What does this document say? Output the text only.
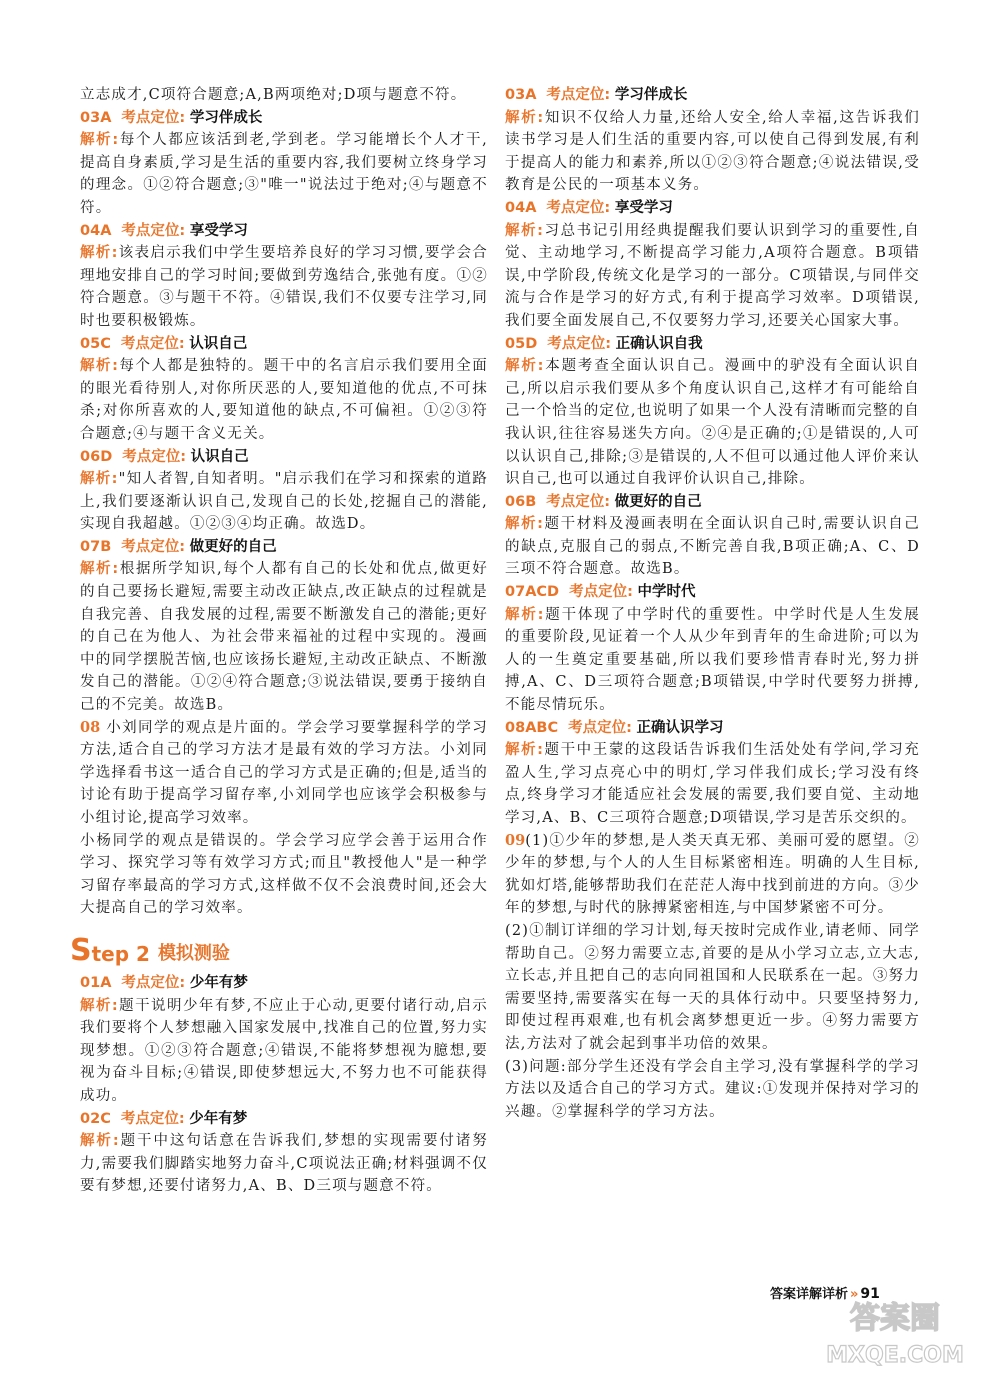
立志成才,C项符合题意;A,B两项绝对;D项与题意不符。

03A 考点定位: 学习伴成长

解析:每个人都应该活到老,学到老。学习能增长个人才干,提高自身素质,学习是生活的重要内容,我们要树立终身学习的理念。①②符合题意;③"唯一"说法过于绝对;④与题意不符。

04A 考点定位: 享受学习

解析:该表启示我们中学生要培养良好的学习习惯,要学会合理地安排自己的学习时间;要做到劳逸结合,张弛有度。①②符合题意。③与题干不符。④错误,我们不仅要专注学习,同时也要积极锻炼。

05C 考点定位: 认识自己

解析:每个人都是独特的。题干中的名言启示我们要用全面的眼光看待别人,对你所厌恶的人,要知道他的优点,不可抹杀;对你所喜欢的人,要知道他的缺点,不可偏袒。①②③符合题意;④与题干含义无关。

06D 考点定位: 认识自己

解析:"知人者智,自知者明。"启示我们在学习和探索的道路上,我们要逐渐认识自己,发现自己的长处,挖掘自己的潜能,实现自我超越。①②③④均正确。故选D。

07B 考点定位: 做更好的自己

解析:根据所学知识,每个人都有自己的长处和优点,做更好的自己要扬长避短,需要主动改正缺点,改正缺点的过程就是自我完善、自我发展的过程,需要不断激发自己的潜能;更好的自己在为他人、为社会带来福祉的过程中实现的。漫画中的同学摆脱苦恼,也应该扬长避短,主动改正缺点、不断激发自己的潜能。①②④符合题意;③说法错误,要勇于接纳自己的不完美。故选B。

08 小刘同学的观点是片面的。学会学习要掌握科学的学习方法,适合自己的学习方法才是最有效的学习方法。小刘同学选择看书这一适合自己的学习方式是正确的;但是,适当的讨论有助于提高学习留存率,小刘同学也应该学会积极参与小组讨论,提高学习效率。

小杨同学的观点是错误的。学会学习应学会善于运用合作学习、探究学习等有效学习方式;而且"教授他人"是一种学习留存率最高的学习方式,这样做不仅不会浪费时间,还会大大提高自己的学习效率。

S tep 2 模拟测验

01A 考点定位: 少年有梦

解析:题干说明少年有梦,不应止于心动,更要付诸行动,启示我们要将个人梦想融入国家发展中,找准自己的位置,努力实现梦想。①②③符合题意;④错误,不能将梦想视为臆想,要视为奋斗目标;④错误,即使梦想远大,不努力也不可能获得成功。

02C 考点定位: 少年有梦

解析:题干中这句话意在告诉我们,梦想的实现需要付诸努力,需要我们脚踏实地努力奋斗,C项说法正确;材料强调不仅要有梦想,还要付诸努力,A、B、D三项与题意不符。

03A 考点定位: 学习伴成长

解析:知识不仅给人力量,还给人安全,给人幸福,这告诉我们读书学习是人们生活的重要内容,可以使自己得到发展,有利于提高人的能力和素养,所以①②③符合题意;④说法错误,受教育是公民的一项基本义务。

04A 考点定位: 享受学习

解析:习总书记引用经典提醒我们要认识到学习的重要性,自觉、主动地学习,不断提高学习能力,A项符合题意。B项错误,中学阶段,传统文化是学习的一部分。C项错误,与同伴交流与合作是学习的好方式,有利于提高学习效率。D项错误,我们要全面发展自己,不仅要努力学习,还要关心国家大事。

05D 考点定位: 正确认识自我

解析:本题考查全面认识自己。漫画中的驴没有全面认识自己,所以启示我们要从多个角度认识自己,这样才有可能给自己一个恰当的定位,也说明了如果一个人没有清晰而完整的自我认识,往往容易迷失方向。②④是正确的;①是错误的,人可以认识自己,排除;③是错误的,人不但可以通过他人评价来认识自己,也可以通过自我评价认识自己,排除。

06B 考点定位: 做更好的自己

解析:题干材料及漫画表明在全面认识自己时,需要认识自己的缺点,克服自己的弱点,不断完善自我,B项正确;A、C、D三项不符合题意。故选B。

07ACD 考点定位: 中学时代

解析:题干体现了中学时代的重要性。中学时代是人生发展的重要阶段,见证着一个人从少年到青年的生命进阶;可以为人的一生奠定重要基础,所以我们要珍惜青春时光,努力拼搏,A、C、D三项符合题意;B项错误,中学时代要努力拼搏,不能尽情玩乐。

08ABC 考点定位: 正确认识学习

解析:题干中王蒙的这段话告诉我们生活处处有学问,学习充盈人生,学习点亮心中的明灯,学习伴我们成长;学习没有终点,终身学习才能适应社会发展的需要,我们要自觉、主动地学习,A、B、C三项符合题意;D项错误,学习是苦乐交织的。

09(1)①少年的梦想,是人类天真无邪、美丽可爱的愿望。②少年的梦想,与个人的人生目标紧密相连。明确的人生目标,犹如灯塔,能够帮助我们在茫茫人海中找到前进的方向。③少年的梦想,与时代的脉搏紧密相连,与中国梦紧密不可分。

(2)①制订详细的学习计划,每天按时完成作业,请老师、同学帮助自己。②努力需要立志,首要的是从小学习立志,立大志,立长志,并且把自己的志向同祖国和人民联系在一起。③努力需要坚持,需要落实在每一天的具体行动中。只要坚持努力,即使过程再艰难,也有机会离梦想更近一步。④努力需要方法,方法对了就会起到事半功倍的效果。

(3)问题:部分学生还没有学会自主学习,没有掌握科学的学习方法以及适合自己的学习方式。建议:①发现并保持对学习的兴趣。②掌握科学的学习方法。

答案详解详析 » 91
答案圈
MXQE.COM
